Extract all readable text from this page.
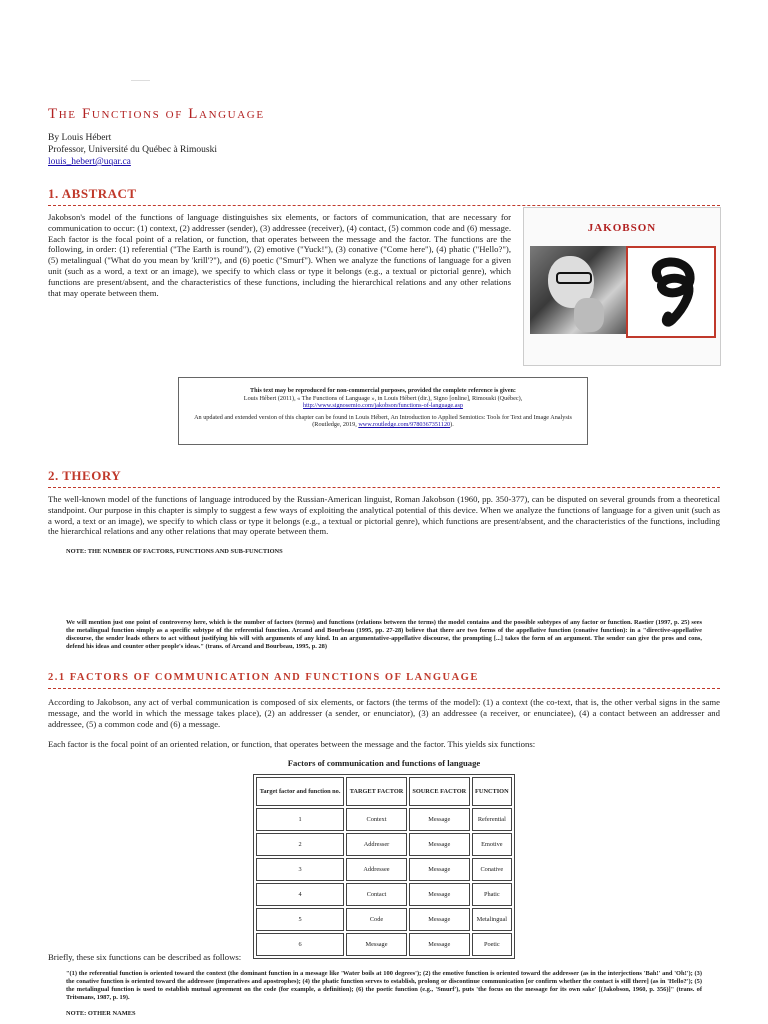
The Functions of Language
By Louis Hébert
Professor, Université du Québec à Rimouski
louis_hebert@uqar.ca
1. ABSTRACT
Jakobson's model of the functions of language distinguishes six elements, or factors of communication, that are necessary for communication to occur: (1) context, (2) addresser (sender), (3) addressee (receiver), (4) contact, (5) common code and (6) message. Each factor is the focal point of a relation, or function, that operates between the message and the factor. The functions are the following, in order: (1) referential ("The Earth is round"), (2) emotive ("Yuck!"), (3) conative ("Come here"), (4) phatic ("Hello?"), (5) metalingual ("What do you mean by 'krill'?"), and (6) poetic ("Smurf"). When we analyze the functions of language for a given unit (such as a word, a text or an image), we specify to which class or type it belongs (e.g., a textual or pictorial genre), which functions are present/absent, and the characteristics of these functions, including the hierarchical relations and any other relations that may operate between them.
JAKOBSON

This text may be reproduced for non-commercial purposes, provided the complete reference is given:
Louis Hébert (2011), « The Functions of Language », in Louis Hébert (dir.), Signo [online], Rimouski (Québec),
http://www.signosemio.com/jakobson/functions-of-language.asp

An updated and extended version of this chapter can be found in Louis Hébert, An Introduction to Applied Semiotics: Tools for Text and Image Analysis (Routledge, 2019, www.routledge.com/9780367351120).

2. THEORY
The well-known model of the functions of language introduced by the Russian-American linguist, Roman Jakobson (1960, pp. 350-377), can be disputed on several grounds from a theoretical standpoint. Our purpose in this chapter is simply to suggest a few ways of exploiting the analytical potential of this device. When we analyze the functions of language for a given unit (such as a word, a text or an image), we specify to which class or type it belongs (e.g., a textual or pictorial genre), which functions are present/absent, and the characteristics of the functions, including the hierarchical relations and any other relations that may operate between them.
NOTE: THE NUMBER OF FACTORS, FUNCTIONS AND SUB-FUNCTIONS
We will mention just one point of controversy here, which is the number of factors (terms) and functions (relations between the terms) the model contains and the possible subtypes of any factor or function. Rastier (1997, p. 25) sees the metalingual function simply as a specific subtype of the referential function. Arcand and Bourbeau (1995, pp. 27-28) believe that there are two forms of the appellative function (conative function): in a "directive-appellative discourse, the sender leads others to act without justifying his will with arguments of any kind. In an argumentative-appellative discourse, the prompting [...] takes the form of an argument. The sender can give the pros and cons, defend his ideas and counter other people's ideas." (trans. of Arcand and Bourbeau, 1995, p. 28)
2.1 FACTORS OF COMMUNICATION AND FUNCTIONS OF LANGUAGE
According to Jakobson, any act of verbal communication is composed of six elements, or factors (the terms of the model): (1) a context (the co-text, that is, the other verbal signs in the same message, and the world in which the message takes place), (2) an addresser (a sender, or enunciator), (3) an addressee (a receiver, or enunciatee), (4) a contact between an addresser and addressee, (5) a common code and (6) a message.
Each factor is the focal point of an oriented relation, or function, that operates between the message and the factor. This yields six functions:
Factors of communication and functions of language
Target factor and function no.	TARGET FACTOR	SOURCE FACTOR	FUNCTION
1	Context	Message	Referential
2	Addresser	Message	Emotive
3	Addressee	Message	Conative
4	Contact	Message	Phatic
5	Code	Message	Metalingual
6	Message	Message	Poetic
Briefly, these six functions can be described as follows:
"(1) the referential function is oriented toward the context (the dominant function in a message like 'Water boils at 100 degrees'); (2) the emotive function is oriented toward the addresser (as in the interjections 'Bah!' and 'Oh!'); (3) the conative function is oriented toward the addressee (imperatives and apostrophes); (4) the phatic function serves to establish, prolong or discontinue communication [or confirm whether the contact is still there] (as in 'Hello?'); (5) the metalingual function is used to establish mutual agreement on the code (for example, a definition); (6) the poetic function (e.g., 'Smurf'), puts 'the focus on the message for its own sake' [(Jakobson, 1960, p. 356)]" (trans. of Tritsmans, 1987, p. 19).
NOTE: OTHER NAMES
